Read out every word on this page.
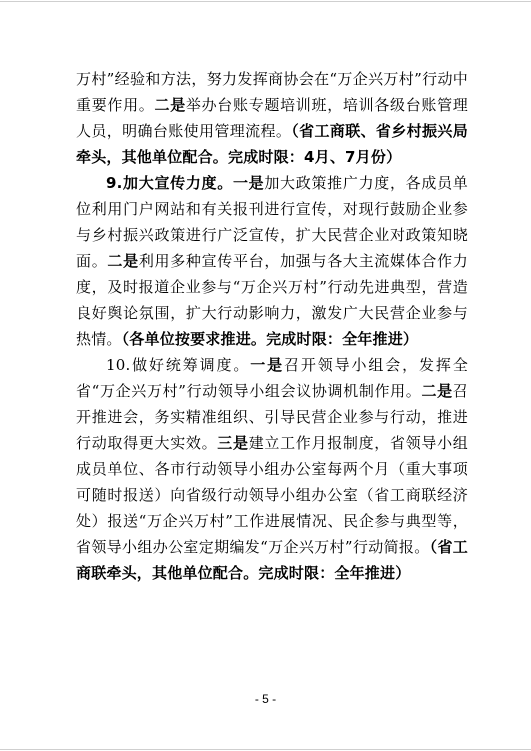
万村”经验和方法，努力发挥商协会在“万企兴万村”行动中重要作用。二是举办台账专题培训班，培训各级台账管理人员，明确台账使用管理流程。（省工商联、省乡村振兴局牵头，其他单位配合。完成时限：4月、7月份）

9.加大宣传力度。一是加大政策推广力度，各成员单位利用门户网站和有关报刊进行宣传，对现行鼓励企业参与乡村振兴政策进行广泛宣传，扩大民营企业对政策知晓面。二是利用多种宣传平台，加强与各大主流媒体合作力度，及时报道企业参与“万企兴万村”行动先进典型，营造良好舆论氛围，扩大行动影响力，激发广大民营企业参与热情。（各单位按要求推进。完成时限：全年推进）

10.做好统筹调度。一是召开领导小组会，发挥全省“万企兴万村”行动领导小组会议协调机制作用。二是召开推进会，务实精准组织、引导民营企业参与行动，推进行动取得更大实效。三是建立工作月报制度，省领导小组成员单位、各市行动领导小组办公室每两个月（重大事项可随时报送）向省级行动领导小组办公室（省工商联经济处）报送“万企兴万村”工作进展情况、民企参与典型等，省领导小组办公室定期编发“万企兴万村”行动简报。（省工商联牵头，其他单位配合。完成时限：全年推进）

- 5 -
